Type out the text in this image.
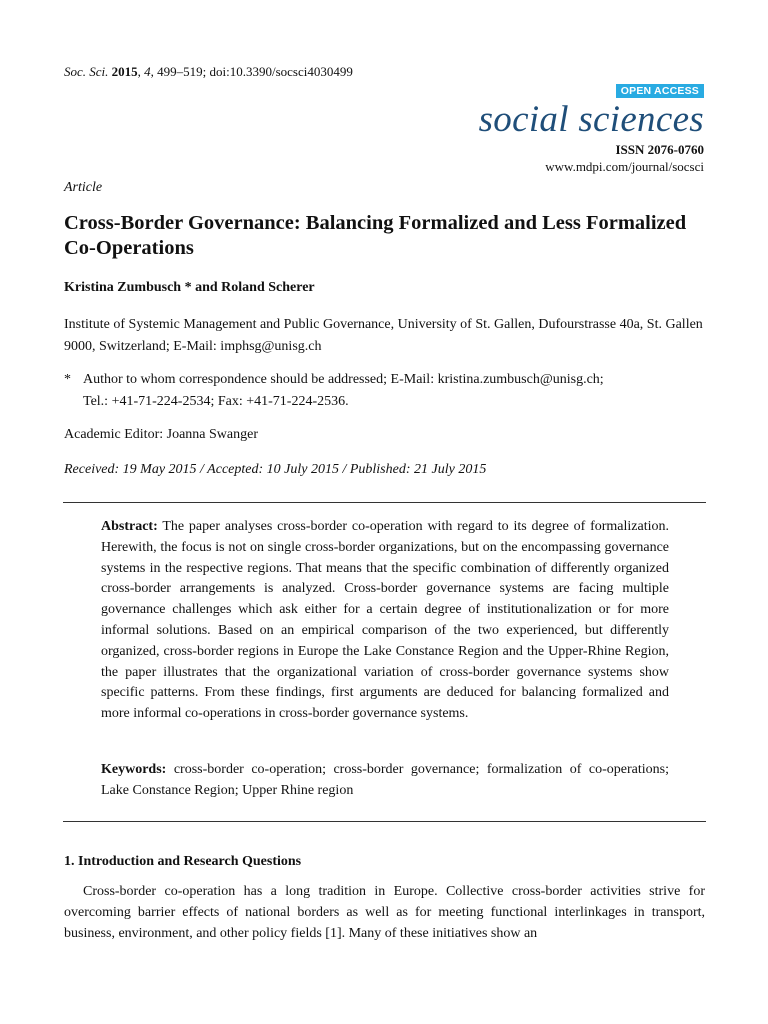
Soc. Sci. 2015, 4, 499–519; doi:10.3390/socsci4030499
OPEN ACCESS
social sciences
ISSN 2076-0760
www.mdpi.com/journal/socsci
Article
Cross-Border Governance: Balancing Formalized and Less Formalized Co-Operations
Kristina Zumbusch * and Roland Scherer
Institute of Systemic Management and Public Governance, University of St. Gallen, Dufourstrasse 40a, St. Gallen 9000, Switzerland; E-Mail: imphsg@unisg.ch
* Author to whom correspondence should be addressed; E-Mail: kristina.zumbusch@unisg.ch;
Tel.: +41-71-224-2534; Fax: +41-71-224-2536.
Academic Editor: Joanna Swanger
Received: 19 May 2015 / Accepted: 10 July 2015 / Published: 21 July 2015
Abstract: The paper analyses cross-border co-operation with regard to its degree of formalization. Herewith, the focus is not on single cross-border organizations, but on the encompassing governance systems in the respective regions. That means that the specific combination of differently organized cross-border arrangements is analyzed. Cross-border governance systems are facing multiple governance challenges which ask either for a certain degree of institutionalization or for more informal solutions. Based on an empirical comparison of the two experienced, but differently organized, cross-border regions in Europe the Lake Constance Region and the Upper-Rhine Region, the paper illustrates that the organizational variation of cross-border governance systems show specific patterns. From these findings, first arguments are deduced for balancing formalized and more informal co-operations in cross-border governance systems.
Keywords: cross-border co-operation; cross-border governance; formalization of co-operations; Lake Constance Region; Upper Rhine region
1. Introduction and Research Questions

Cross-border co-operation has a long tradition in Europe. Collective cross-border activities strive for overcoming barrier effects of national borders as well as for meeting functional interlinkages in transport, business, environment, and other policy fields [1]. Many of these initiatives show an
